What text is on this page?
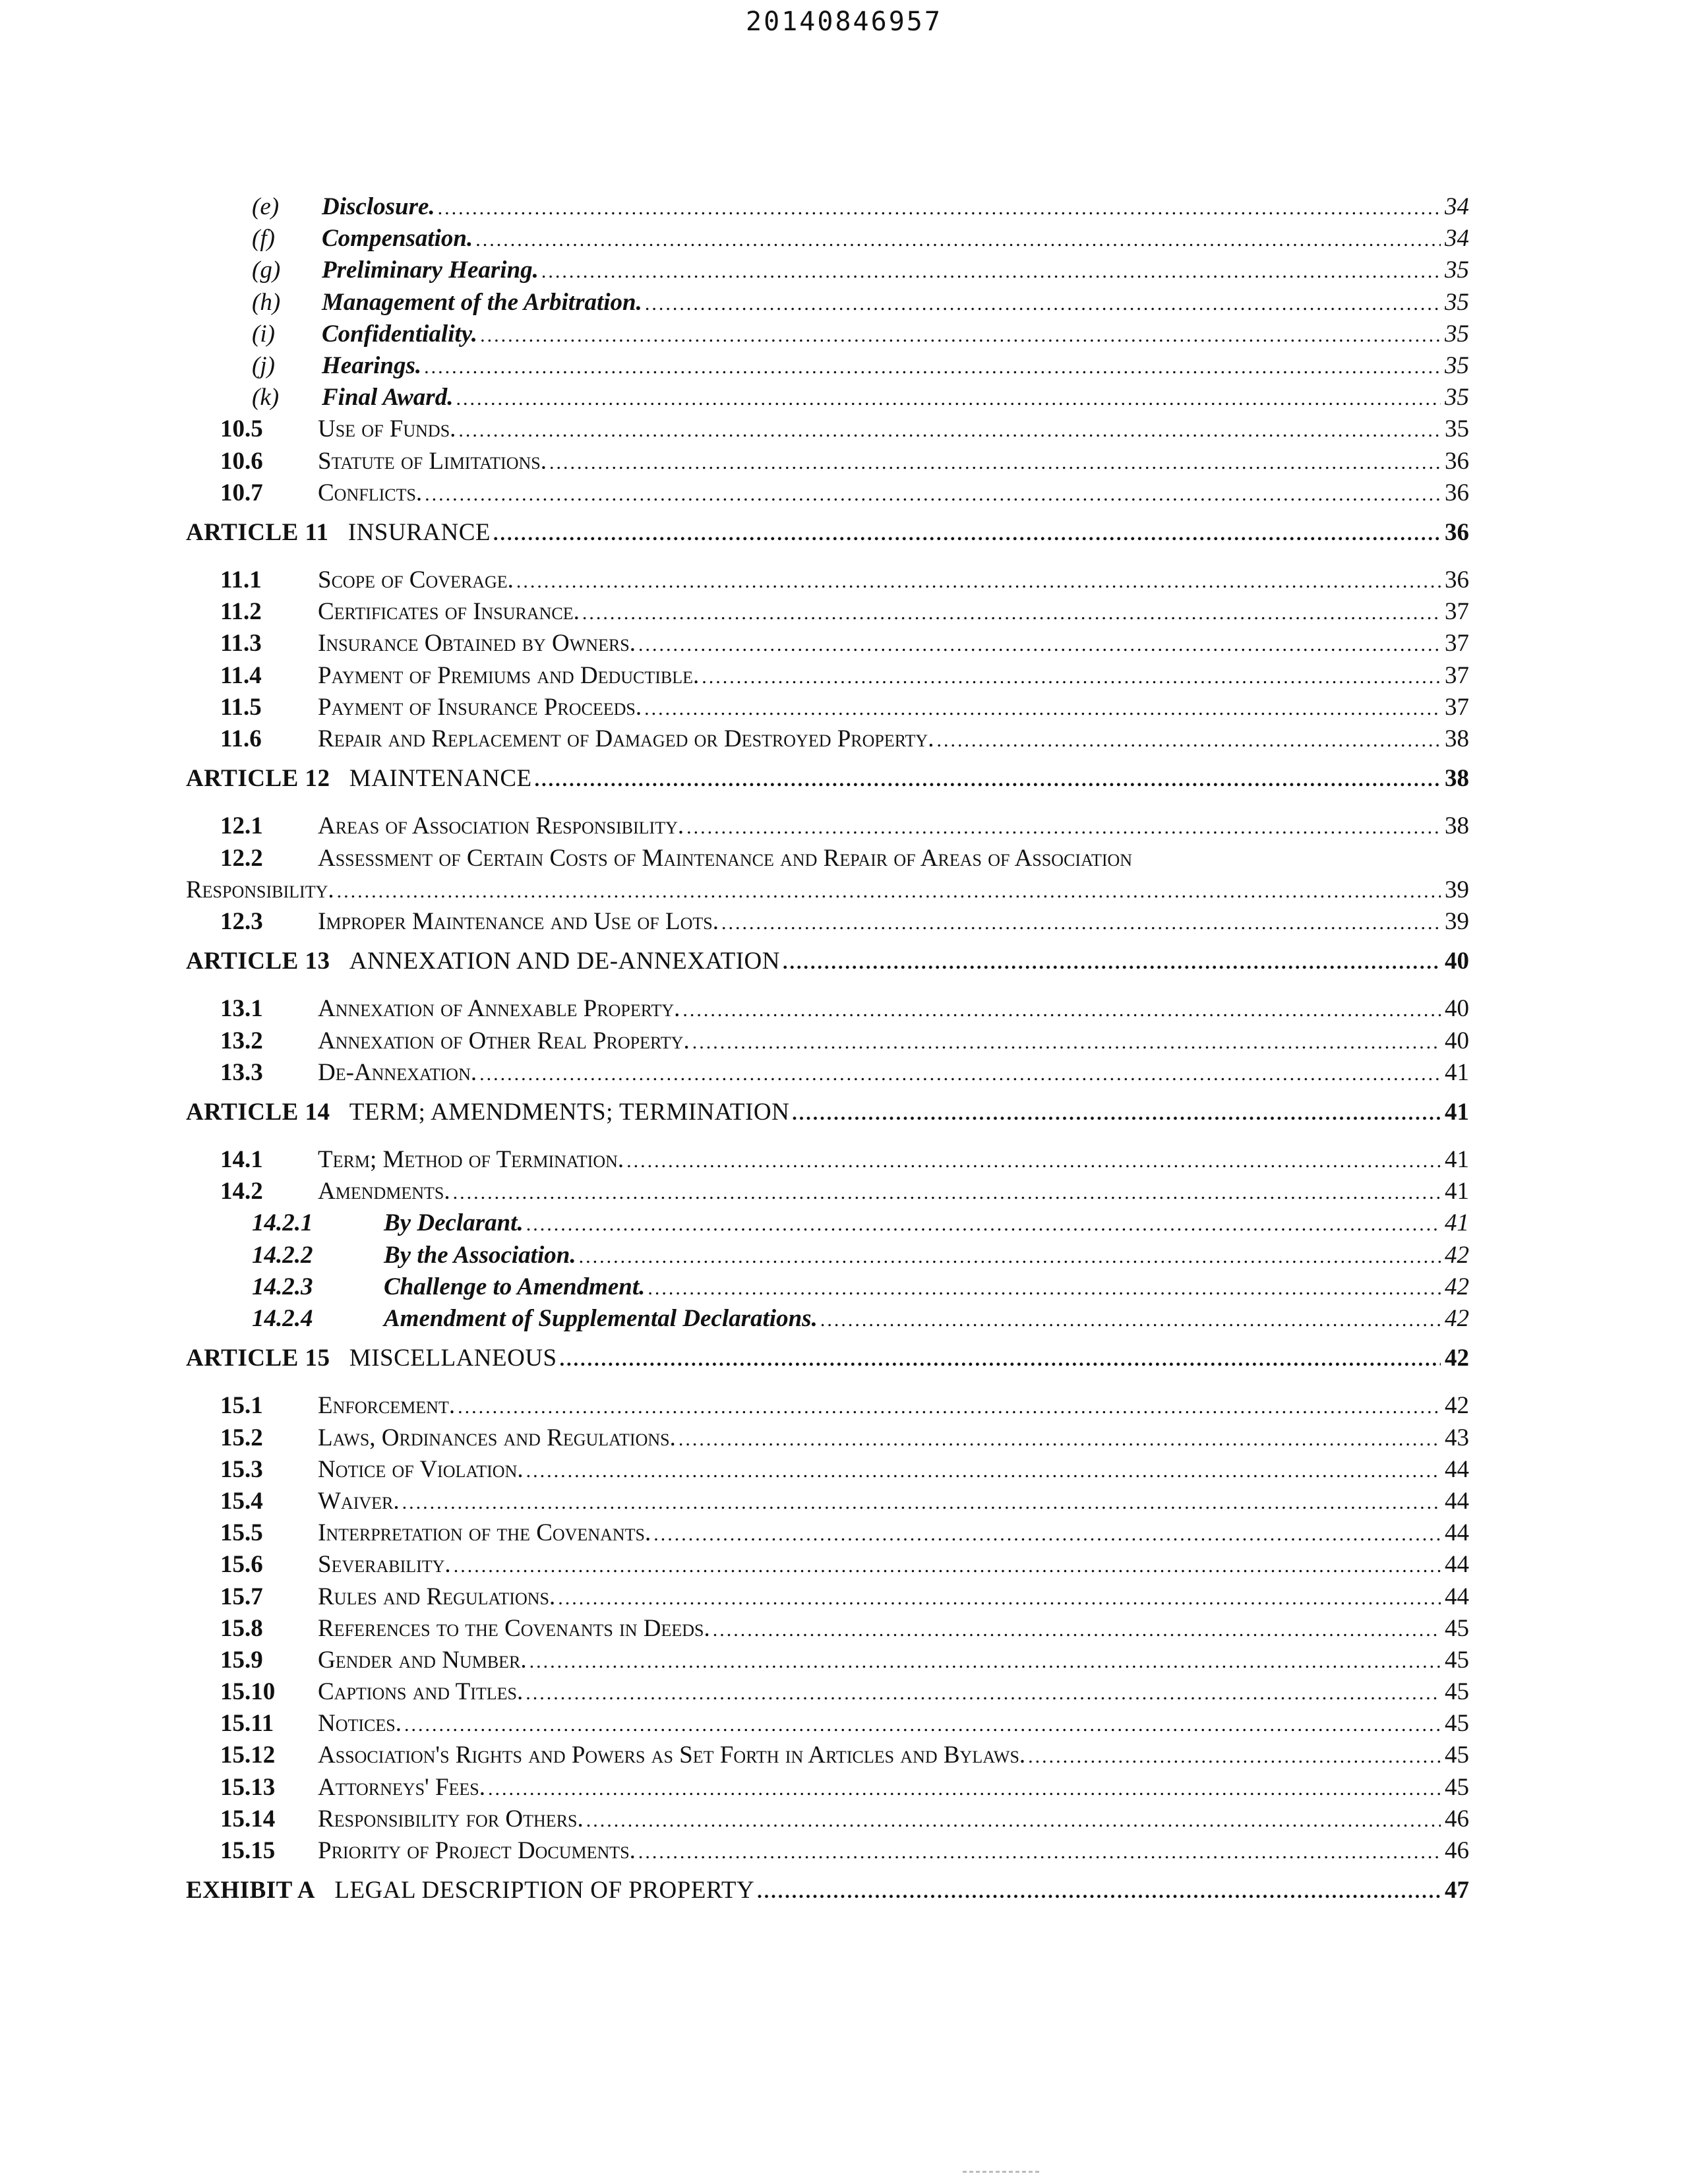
20140846957
(e)	Disclosure. .....	34
(f)	Compensation. .....	34
(g)	Preliminary Hearing. .....	35
(h)	Management of the Arbitration. .....	35
(i)	Confidentiality. .....	35
(j)	Hearings. .....	35
(k)	Final Award. .....	35
10.5	Use of Funds. .....	35
10.6	Statute of Limitations. .....	36
10.7	Conflicts. .....	36
ARTICLE 11 INSURANCE .....	36
11.1	Scope of Coverage. .....	36
11.2	Certificates of Insurance. .....	37
11.3	Insurance Obtained by Owners. .....	37
11.4	Payment of Premiums and Deductible. .....	37
11.5	Payment of Insurance Proceeds. .....	37
11.6	Repair and Replacement of Damaged or Destroyed Property. .....	38
ARTICLE 12 MAINTENANCE .....	38
12.1	Areas of Association Responsibility. .....	38
12.2	Assessment of Certain Costs of Maintenance and Repair of Areas of Association
Responsibility. .....	39
12.3	Improper Maintenance and Use of Lots. .....	39
ARTICLE 13 ANNEXATION AND DE-ANNEXATION .....	40
13.1	Annexation of Annexable Property. .....	40
13.2	Annexation of Other Real Property. .....	40
13.3	De-Annexation. .....	41
ARTICLE 14 TERM; AMENDMENTS; TERMINATION .....	41
14.1	Term; Method of Termination. .....	41
14.2	Amendments. .....	41
14.2.1	By Declarant. .....	41
14.2.2	By the Association. .....	42
14.2.3	Challenge to Amendment. .....	42
14.2.4	Amendment of Supplemental Declarations. .....	42
ARTICLE 15 MISCELLANEOUS .....	42
15.1	Enforcement. .....	42
15.2	Laws, Ordinances and Regulations. .....	43
15.3	Notice of Violation. .....	44
15.4	Waiver. .....	44
15.5	Interpretation of the Covenants. .....	44
15.6	Severability. .....	44
15.7	Rules and Regulations. .....	44
15.8	References to the Covenants in Deeds. .....	45
15.9	Gender and Number. .....	45
15.10	Captions and Titles. .....	45
15.11	Notices. .....	45
15.12	Association's Rights and Powers as Set Forth in Articles and Bylaws. .....	45
15.13	Attorneys' Fees. .....	45
15.14	Responsibility for Others. .....	46
15.15	Priority of Project Documents. .....	46
EXHIBIT A LEGAL DESCRIPTION OF PROPERTY .....	47
